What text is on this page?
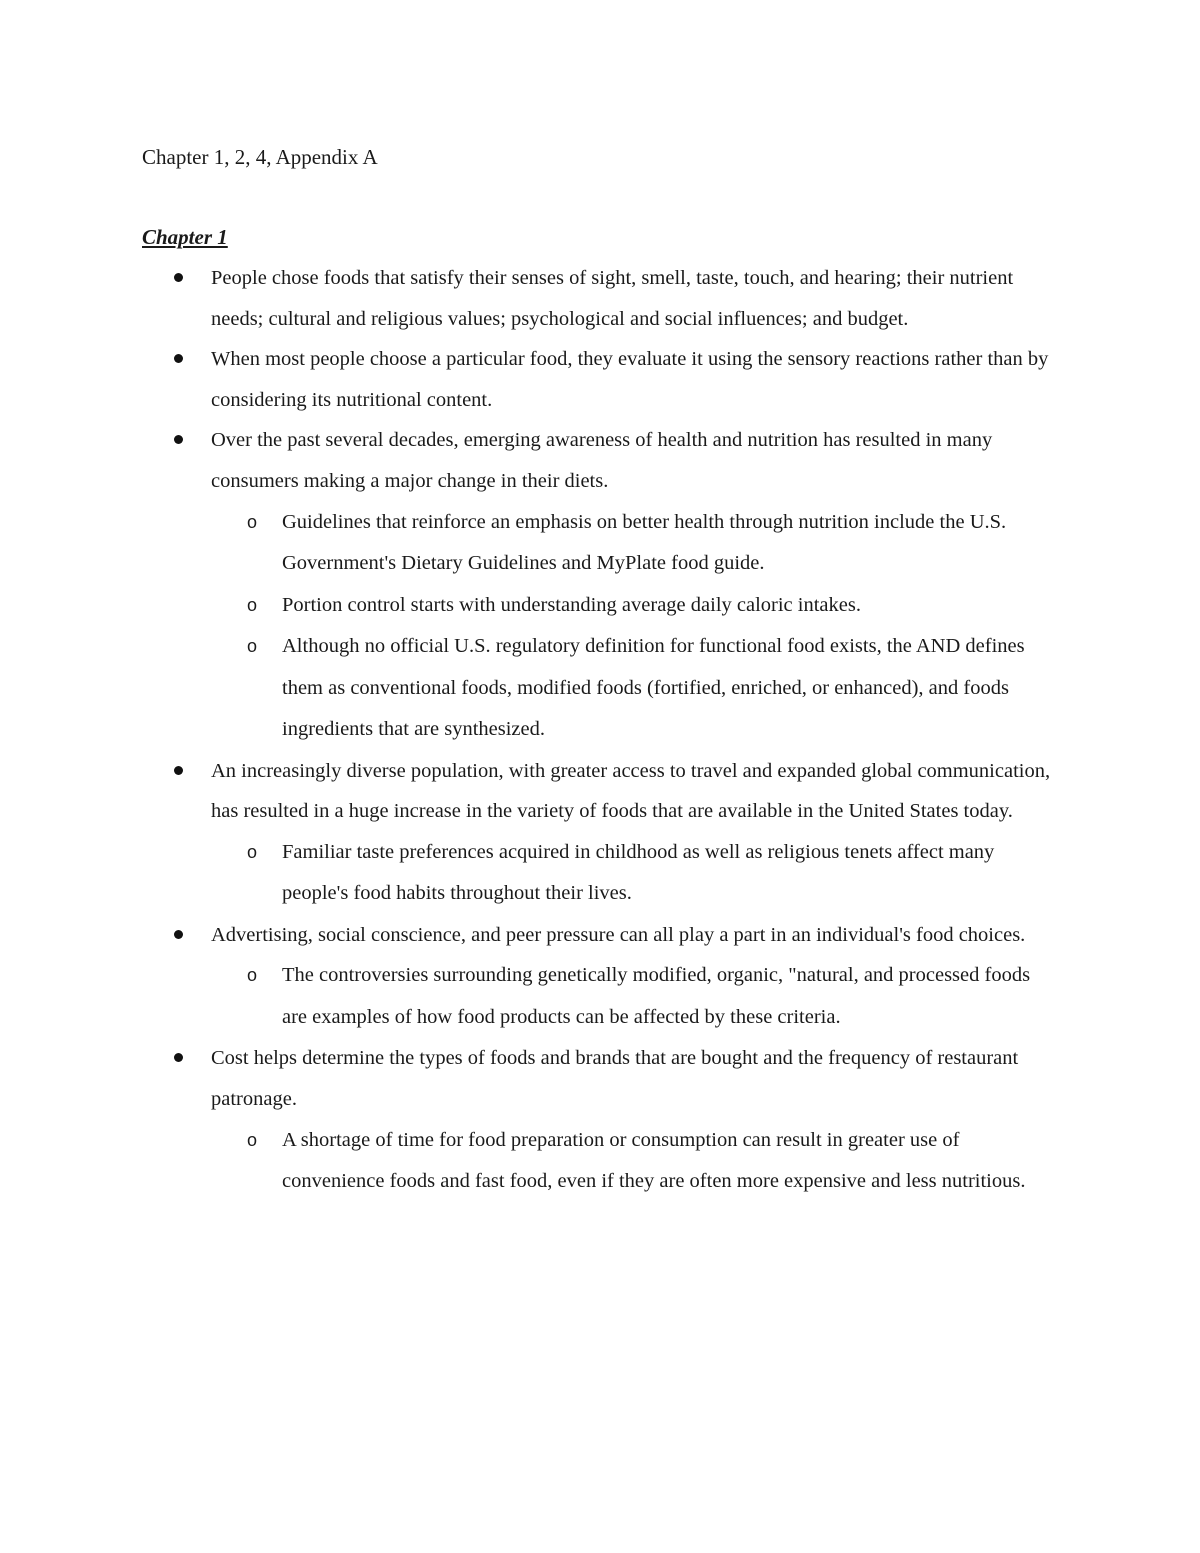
Chapter 1, 2, 4, Appendix A

Chapter 1
People chose foods that satisfy their senses of sight, smell, taste, touch, and hearing; their nutrient needs; cultural and religious values; psychological and social influences; and budget.
When most people choose a particular food, they evaluate it using the sensory reactions rather than by considering its nutritional content.
Over the past several decades, emerging awareness of health and nutrition has resulted in many consumers making a major change in their diets.
o Guidelines that reinforce an emphasis on better health through nutrition include the U.S. Government's Dietary Guidelines and MyPlate food guide.
o Portion control starts with understanding average daily caloric intakes.
o Although no official U.S. regulatory definition for functional food exists, the AND defines them as conventional foods, modified foods (fortified, enriched, or enhanced), and foods ingredients that are synthesized.
An increasingly diverse population, with greater access to travel and expanded global communication, has resulted in a huge increase in the variety of foods that are available in the United States today.
o Familiar taste preferences acquired in childhood as well as religious tenets affect many people's food habits throughout their lives.
Advertising, social conscience, and peer pressure can all play a part in an individual's food choices.
o The controversies surrounding genetically modified, organic, "natural, and processed foods are examples of how food products can be affected by these criteria.
Cost helps determine the types of foods and brands that are bought and the frequency of restaurant patronage.
o A shortage of time for food preparation or consumption can result in greater use of convenience foods and fast food, even if they are often more expensive and less nutritious.
